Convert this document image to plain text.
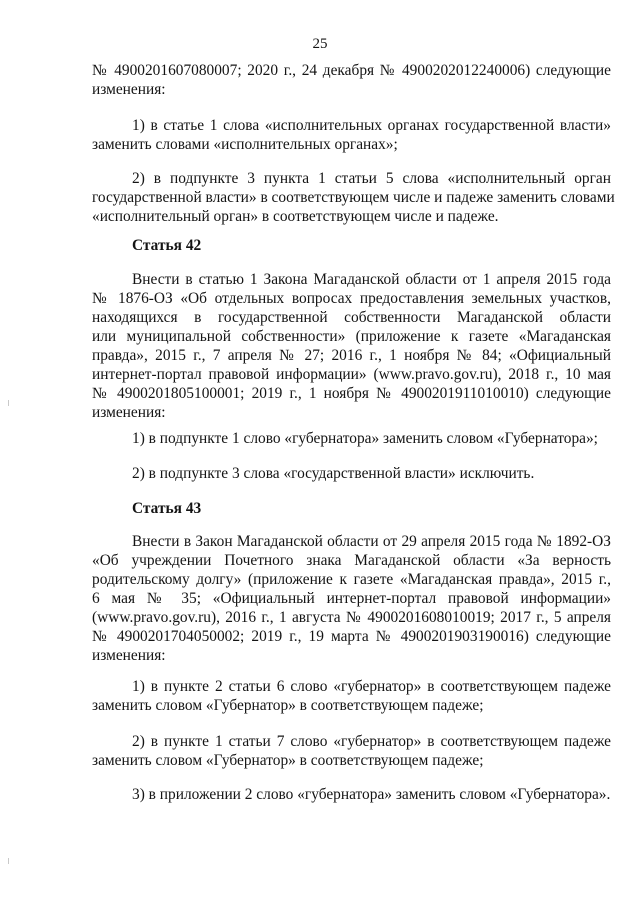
25
№ 4900201607080007; 2020 г., 24 декабря № 4900202012240006) следующие
изменения:
1) в статье 1 слова «исполнительных органах государственной власти»
заменить словами «исполнительных органах»;
2) в подпункте 3 пункта 1 статьи 5 слова «исполнительный орган
государственной власти» в соответствующем числе и падеже заменить словами
«исполнительный орган» в соответствующем числе и падеже.
Статья 42
Внести в статью 1 Закона Магаданской области от 1 апреля 2015 года
№ 1876-ОЗ «Об отдельных вопросах предоставления земельных участков,
находящихся в государственной собственности Магаданской области
или муниципальной собственности» (приложение к газете «Магаданская
правда», 2015 г., 7 апреля № 27; 2016 г., 1 ноября № 84; «Официальный
интернет-портал правовой информации» (www.pravo.gov.ru), 2018 г., 10 мая
№ 4900201805100001; 2019 г., 1 ноября № 4900201911010010) следующие
изменения:
1) в подпункте 1 слово «губернатора» заменить словом «Губернатора»;
2) в подпункте 3 слова «государственной власти» исключить.
Статья 43
Внести в Закон Магаданской области от 29 апреля 2015 года № 1892-ОЗ
«Об учреждении Почетного знака Магаданской области «За верность
родительскому долгу» (приложение к газете «Магаданская правда», 2015 г.,
6 мая № 35; «Официальный интернет-портал правовой информации»
(www.pravo.gov.ru), 2016 г., 1 августа № 4900201608010019; 2017 г., 5 апреля
№ 4900201704050002; 2019 г., 19 марта № 4900201903190016) следующие
изменения:
1) в пункте 2 статьи 6 слово «губернатор» в соответствующем падеже
заменить словом «Губернатор» в соответствующем падеже;
2) в пункте 1 статьи 7 слово «губернатор» в соответствующем падеже
заменить словом «Губернатор» в соответствующем падеже;
3) в приложении 2 слово «губернатора» заменить словом «Губернатора».
